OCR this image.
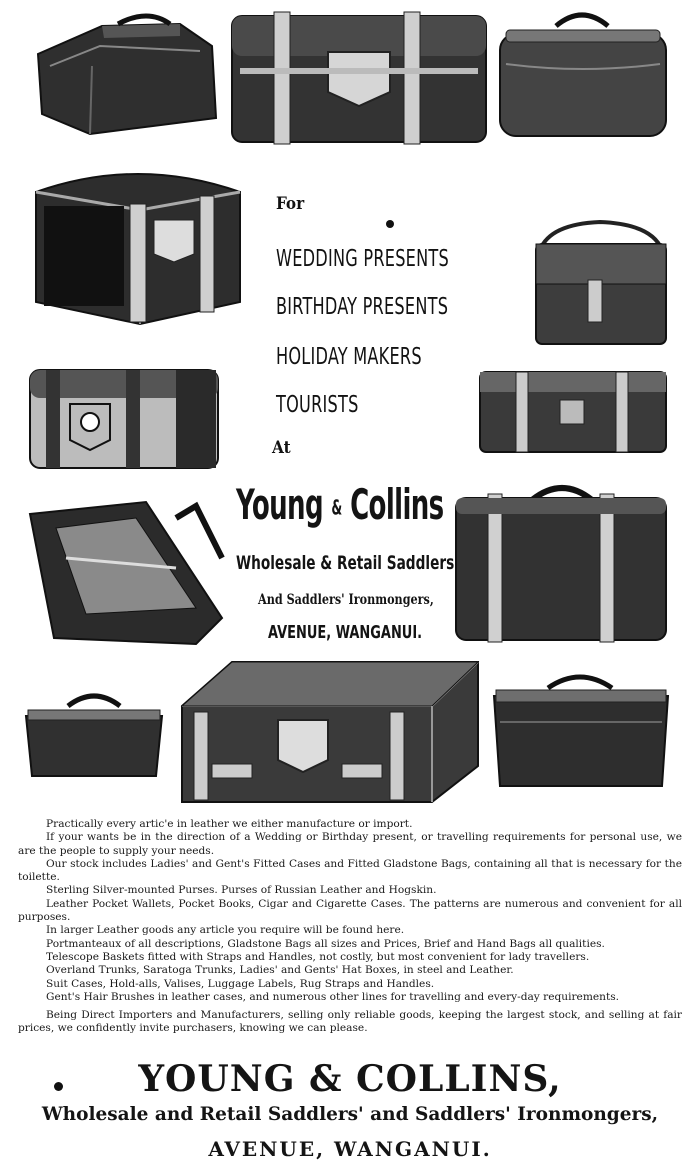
For
WEDDING PRESENTS
BIRTHDAY PRESENTS
HOLIDAY MAKERS
TOURISTS
At
Young & Collins
Wholesale & Retail Saddlers
And Saddlers' Ironmongers,
AVENUE, WANGANUI.

Practically every artic'e in leather we either manufacture or import.

If your wants be in the direction of a Wedding or Birthday present, or travelling requirements for personal use, we are the people to supply your needs.

Our stock includes Ladies' and Gent's Fitted Cases and Fitted Gladstone Bags, containing all that is necessary for the toilette.

Sterling Silver-mounted Purses. Purses of Russian Leather and Hogskin.

Leather Pocket Wallets, Pocket Books, Cigar and Cigarette Cases. The patterns are numerous and convenient for all purposes.

In larger Leather goods any article you require will be found here.

Portmanteaux of all descriptions, Gladstone Bags all sizes and Prices, Brief and Hand Bags all qualities.

Telescope Baskets fitted with Straps and Handles, not costly, but most convenient for lady travellers.

Overland Trunks, Saratoga Trunks, Ladies' and Gents' Hat Boxes, in steel and Leather.

Suit Cases, Hold-alls, Valises, Luggage Labels, Rug Straps and Handles.

Gent's Hair Brushes in leather cases, and numerous other lines for travelling and every-day requirements.

Being Direct Importers and Manufacturers, selling only reliable goods, keeping the largest stock, and selling at fair prices, we confidently invite purchasers, knowing we can please.

YOUNG & COLLINS,
Wholesale and Retail Saddlers' and Saddlers' Ironmongers,
AVENUE, WANGANUI.
